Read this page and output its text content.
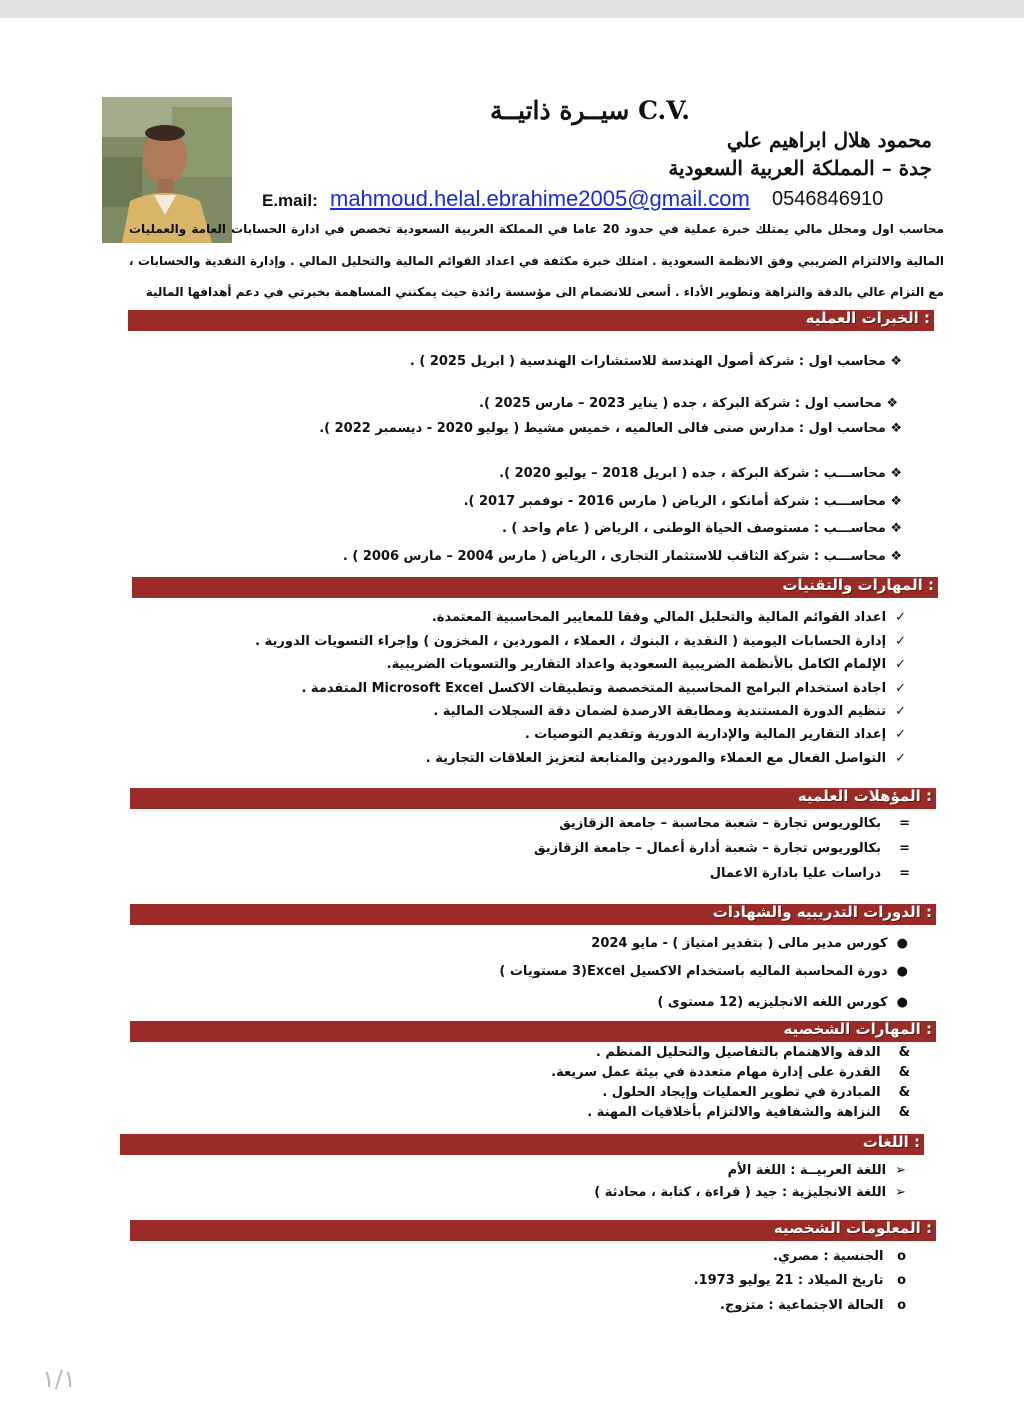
سيــرة ذاتيــة C.V.
محمود هلال ابراهيم علي
جدة – المملكة العربية السعودية
E.mail: mahmoud.helal.ebrahime2005@gmail.com 0546846910
محاسب اول ومحلل مالي يمتلك خبرة عملية في حدود 20 عاما في المملكة العربية السعودية تخصص في ادارة الحسابات العامة والعمليات المالية والالتزام الضريبي وفق الانظمة السعودية . امتلك خبرة مكثفة في اعداد القوائم المالية والتحليل المالي . وإدارة النقدية والحسابات ، مع التزام عالي بالدقة والنزاهة وتطوير الأداء . أسعى للانضمام الى مؤسسة رائدة حيث يمكنني المساهمة بخبرتي في دعم أهدافها المالية
الخبرات العمليه :
❖ محاسب اول : شركة أصول الهندسة للاستشارات الهندسية ( ابريل 2025 ) .
❖ محاسب اول : شركة البركة ، جده ( يناير 2023 – مارس 2025 ).
❖ محاسب اول : مدارس صنى فالى العالميه ، خميس مشيط ( يوليو 2020 - ديسمبر 2022 ).
❖ محاســـب : شركة البركة ، جده ( ابريل 2018 – يوليو 2020 ).
❖ محاســـب : شركة أمانكو ، الرياض ( مارس 2016 - نوفمبر 2017 ).
❖ محاســـب : مستوصف الحياة الوطنى ، الرياض ( عام واحد ) .
❖ محاســـب : شركة الثاقب للاستثمار التجارى ، الرياض ( مارس 2004 – مارس 2006 ) .
المهارات والتقنيات :
✓  اعداد القوائم المالية والتحليل المالي وفقا للمعايير المحاسبية المعتمدة.
✓  إدارة الحسابات اليومية ( النقدية ، البنوك ، العملاء ، الموردين ، المخزون ) وإجراء التسويات الدورية .
✓  الإلمام الكامل بالأنظمة الضريبية السعودية واعداد التقارير والتسويات الضريبية.
✓  اجادة استخدام البرامج المحاسبية المتخصصة وتطبيقات الاكسل Microsoft Excel المتقدمة .
✓  تنظيم الدورة المستندية ومطابقة الارصدة لضمان دقة السجلات المالية .
✓  إعداد التقارير المالية والإدارية الدورية وتقديم التوصيات .
✓  التواصل الفعال مع العملاء والموردين والمتابعة لتعزيز العلاقات التجارية .
المؤهلات العلميه :
=    بكالوريوس تجارة – شعبة محاسبة – جامعة الزقازيق
=    بكالوريوس تجارة – شعبة أدارة أعمال – جامعة الزقازيق
=    دراسات عليا بادارة الاعمال
الدورات التدريبيه والشهادات :
●  كورس مدير مالى ( بتقدير امتياز ) - مايو 2024
●  دورة المحاسبة الماليه باستخدام الاكسيل Excel(3 مستويات )
●  كورس اللغه الانجليزيه (12 مستوى )
المهارات الشخصيه :
&    الدقة والاهتمام بالتفاصيل والتحليل المنظم .
&    القدرة على إدارة مهام متعددة في بيئة عمل سريعة.
&    المبادرة في تطوير العمليات وإيجاد الحلول .
&    النزاهة والشفافية والالتزام بأخلاقيات المهنة .
اللغات :
➢  اللغة العربيــة : اللغة الأم
➢  اللغة الانجليزية : جيد ( قراءة ، كتابة ، محادثة )
المعلومات الشخصيه :
o   الجنسية : مصري.
o   تاريخ الميلاد : 21 يوليو 1973.
o   الحالة الاجتماعية : متزوج.
١/١
